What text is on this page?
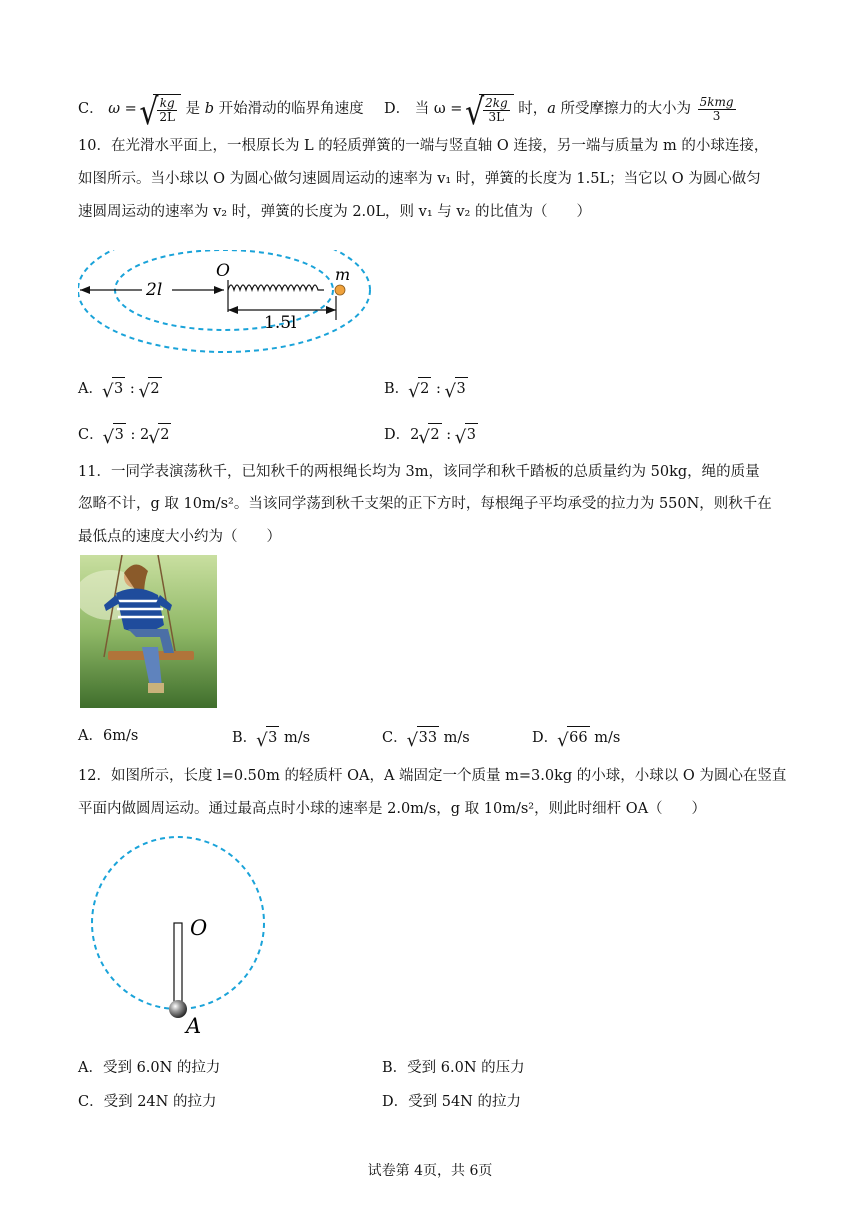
C． ω = √ $\frac{kg}{2L}$ 是 b 开始滑动的临界角速度 D． 当 ω = √ $\frac{2kg}{3L}$ 时，a 所受摩擦力的大小为 $\frac{\text{5kmg}}{3}$
10．在光滑水平面上，一根原长为 L 的轻质弹簧的一端与竖直轴 O 连接，另一端与质量为 m 的小球连接，
如图所示。当小球以 O 为圆心做匀速圆周运动的速率为 v₁ 时，弹簧的长度为 1.5L；当它以 O 为圆心做匀
速圆周运动的速率为 v₂ 时，弹簧的长度为 2.0L，则 v₁ 与 v₂ 的比值为（　　）
2l
O	m
1.5l
A． √ 3 : √ 2	B． √ 2 : √ 3
C． √ 3 : 2 √ 2	D．2 √ 2 : √ 3
11．一同学表演荡秋千，已知秋千的两根绳长均为 3m，该同学和秋千踏板的总质量约为 50kg，绳的质量
忽略不计，g 取 10m/s²。当该同学荡到秋千支架的正下方时，每根绳子平均承受的拉力为 550N，则秋千在
最低点的速度大小约为（　　）
A．6m/s	B． √ 3 m/s	C． √ 33 m/s	D． √ 66 m/s
12．如图所示，长度 l=0.50m 的轻质杆 OA，A 端固定一个质量 m=3.0kg 的小球，小球以 O 为圆心在竖直
平面内做圆周运动。通过最高点时小球的速率是 2.0m/s，g 取 10m/s²，则此时细杆 OA（　　）
O
A
A．受到 6.0N 的拉力	B．受到 6.0N 的压力
C．受到 24N 的拉力	D．受到 54N 的拉力
试卷第 4页，共 6页
